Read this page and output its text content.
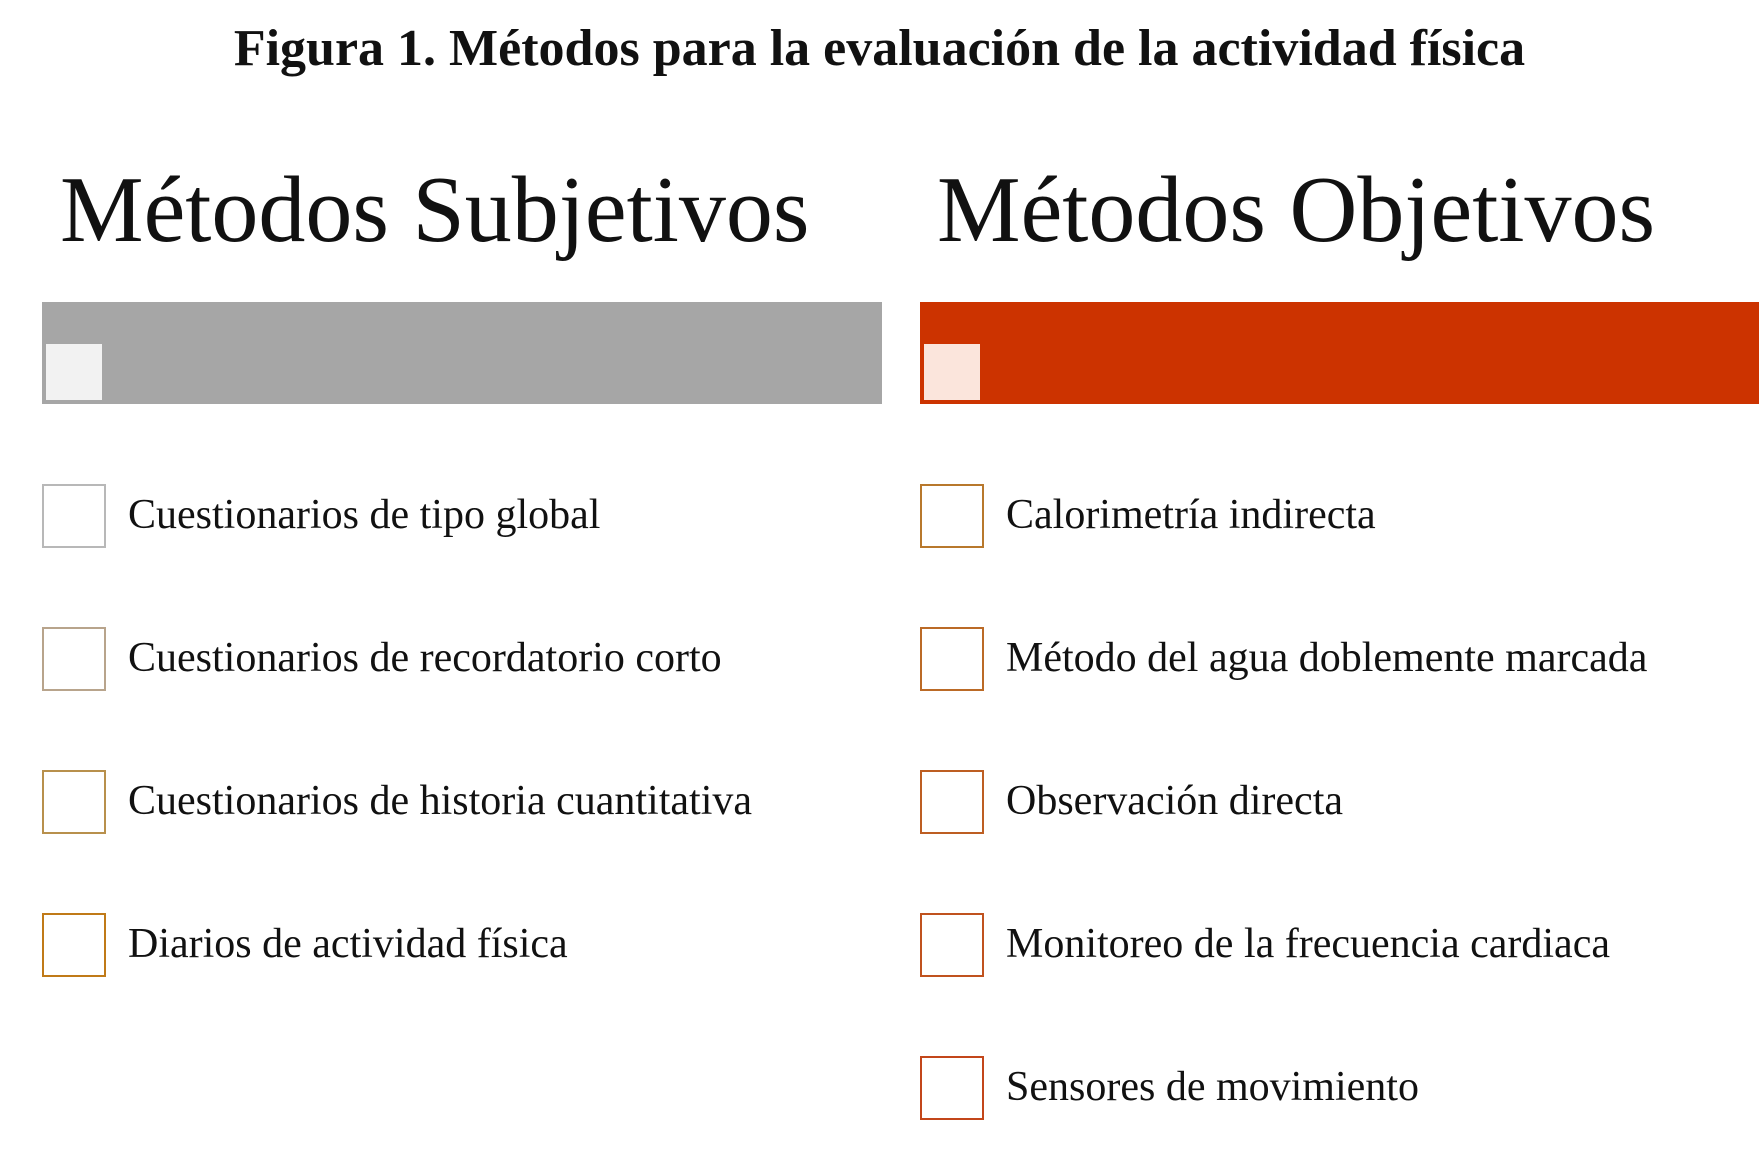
Figura 1. Métodos para la evaluación de la actividad física
Métodos Subjetivos
Cuestionarios de tipo global
Cuestionarios de recordatorio corto
Cuestionarios de historia cuantitativa
Diarios de actividad física
Métodos Objetivos
Calorimetría indirecta
Método del agua doblemente marcada
Observación directa
Monitoreo de la frecuencia cardiaca
Sensores de movimiento
